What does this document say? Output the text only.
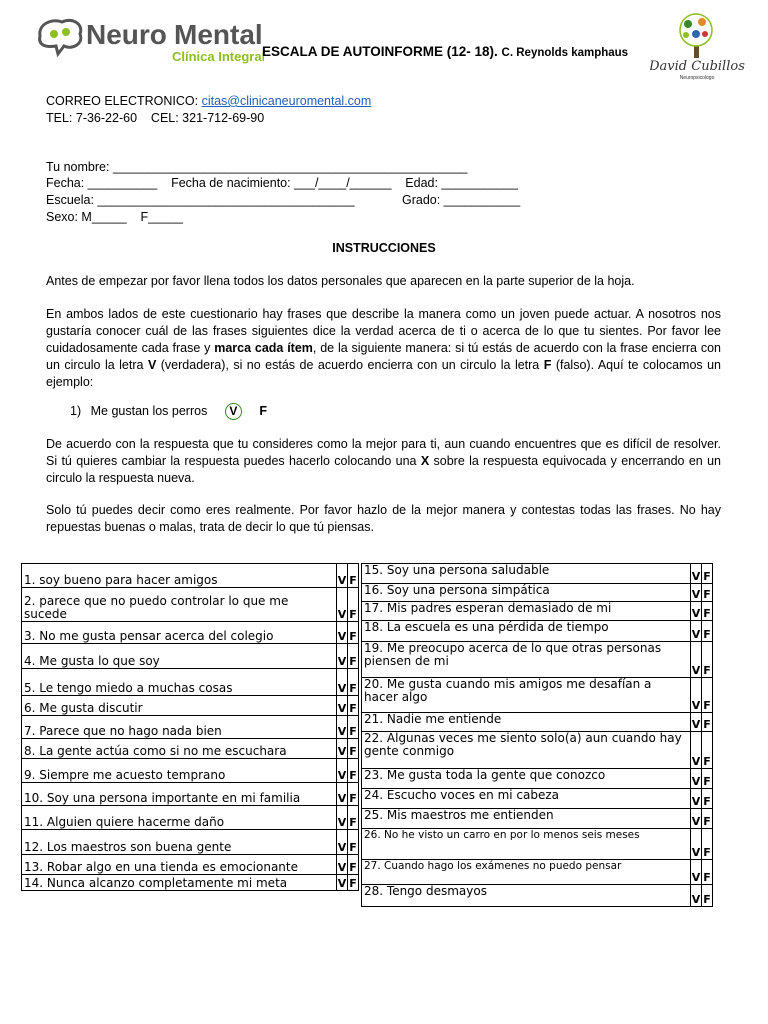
Neuro Mental
Clínica Integral
ESCALA DE AUTOINFORME (12- 18). C. Reynolds kamphaus
David Cubillos
Neuropsicologo
CORREO ELECTRONICO: citas@clinicaneuromental.com
TEL: 7-36-22-60    CEL: 321-712-69-90
Tu nombre: ___________________________________________________
Fecha: __________    Fecha de nacimiento: ___/____/______    Edad: ___________
Escuela: _____________________________________	Grado: ___________
Sexo: M_____    F_____
INSTRUCCIONES

Antes de empezar por favor llena todos los datos personales que aparecen en la parte superior de la hoja.

En ambos lados de este cuestionario hay frases que describe la manera como un joven puede actuar. A nosotros nos gustaría conocer cuál de las frases siguientes dice la verdad acerca de ti o acerca de lo que tu sientes. Por favor lee cuidadosamente cada frase y marca cada ítem, de la siguiente manera: si tú estás de acuerdo con la frase encierra con un circulo la letra V (verdadera), si no estás de acuerdo encierra con un circulo la letra F (falso). Aquí te colocamos un ejemplo:

1) Me gustan los perros V F

De acuerdo con la respuesta que tu consideres como la mejor para ti, aun cuando encuentres que es difícil de resolver. Si tú quieres cambiar la respuesta puedes hacerlo colocando una X sobre la respuesta equivocada y encerrando en un circulo la respuesta nueva.

Solo tú puedes decir como eres realmente. Por favor hazlo de la mejor manera y contestas todas las frases. No hay repuestas buenas o malas, trata de decir lo que tú piensas.

1. soy bueno para hacer amigos	V	F
2. parece que no puedo controlar lo que me sucede	V	F
3. No me gusta pensar acerca del colegio	V	F
4. Me gusta lo que soy	V	F
5. Le tengo miedo a muchas cosas	V	F
6. Me gusta discutir	V	F
7. Parece que no hago nada bien	V	F
8. La gente actúa como si no me escuchara	V	F
9. Siempre me acuesto temprano	V	F
10. Soy una persona importante en mi familia	V	F
11. Alguien quiere hacerme daño	V	F
12. Los maestros son buena gente	V	F
13. Robar algo en una tienda es emocionante	V	F
14. Nunca alcanzo completamente mi meta	V	F
15. Soy una persona saludable	V	F
16. Soy una persona simpática	V	F
17. Mis padres esperan demasiado de mi	V	F
18. La escuela es una pérdida de tiempo	V	F
19. Me preocupo acerca de lo que otras personas piensen de mi	V	F
20. Me gusta cuando mis amigos me desafían a hacer algo	V	F
21. Nadie me entiende	V	F
22. Algunas veces me siento solo(a) aun cuando hay gente conmigo	V	F
23. Me gusta toda la gente que conozco	V	F
24. Escucho voces en mi cabeza	V	F
25. Mis maestros me entienden	V	F
26. No he visto un carro en por lo menos seis meses	V	F
27. Cuando hago los exámenes no puedo pensar	V	F
28. Tengo desmayos	V	F
